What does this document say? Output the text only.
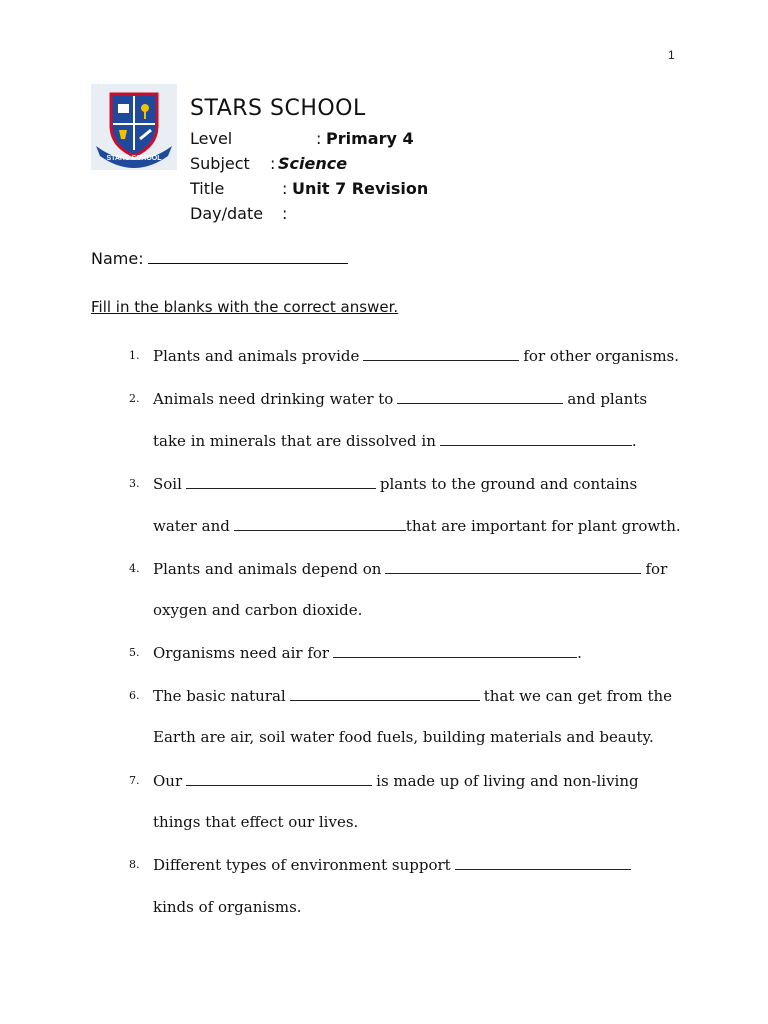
1
STARS SCHOOL
STARS SCHOOL
Level	: Primary 4
Subject : Science
Title	: Unit 7 Revision
Day/date :
Name:
Fill in the blanks with the correct answer.
1. Plants and animals provide	for other organisms.
2. Animals need drinking water to	and plants
take in minerals that are dissolved in	.
3. Soil	plants to the ground and contains
water and	that are important for plant growth.
4. Plants and animals depend on	for
oxygen and carbon dioxide.
5. Organisms need air for	.
6. The basic natural	that we can get from the
Earth are air, soil water food fuels, building materials and beauty.
7. Our	is made up of living and non-living
things that effect our lives.
8. Different types of environment support
kinds of organisms.
